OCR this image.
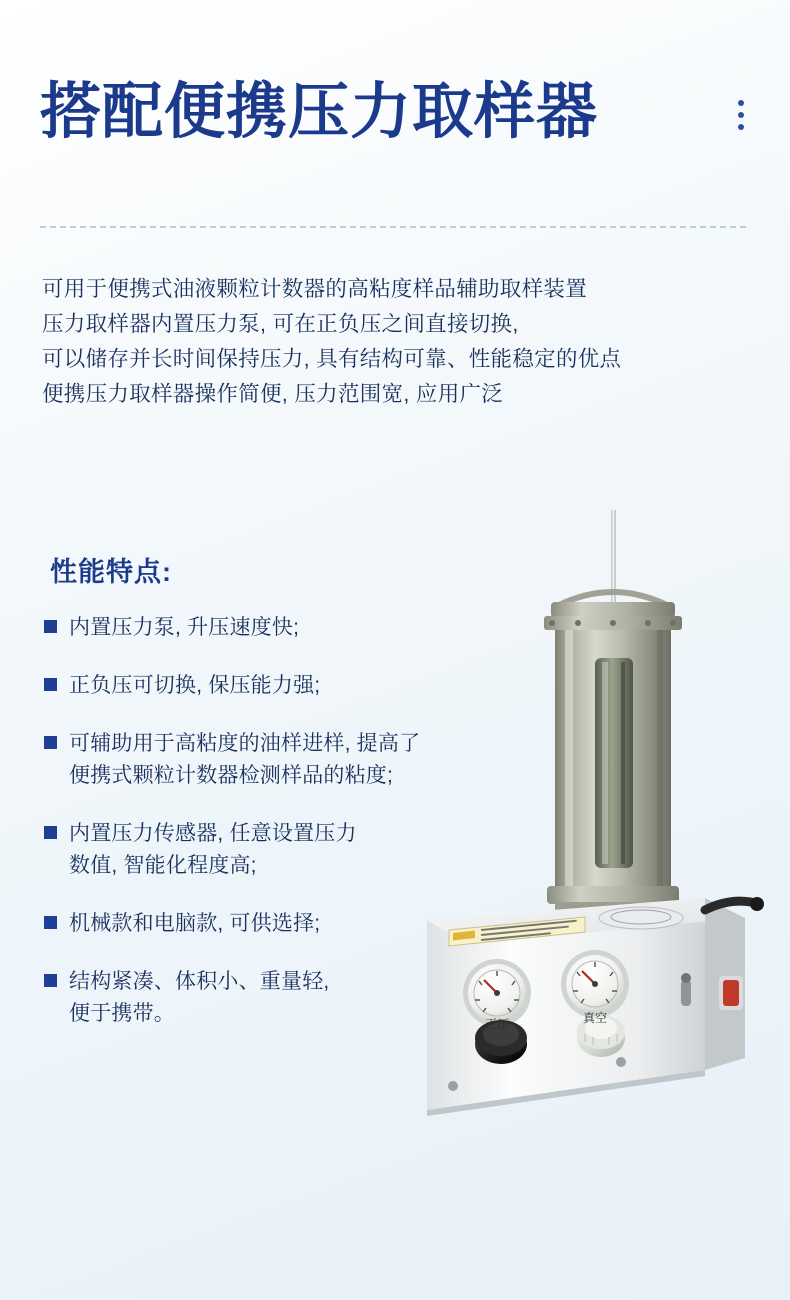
搭配便携压力取样器

可用于便携式油液颗粒计数器的高粘度样品辅助取样装置

压力取样器内置压力泵, 可在正负压之间直接切换,

可以储存并长时间保持压力, 具有结构可靠、性能稳定的优点

便携压力取样器操作简便, 压力范围宽, 应用广泛

性能特点:
内置压力泵, 升压速度快;
正负压可切换, 保压能力强;
可辅助用于高粘度的油样进样, 提高了
便携式颗粒计数器检测样品的粘度;
内置压力传感器, 任意设置压力
数值, 智能化程度高;
机械款和电脑款, 可供选择;
结构紧凑、体积小、重量轻,
便于携带。	正压	真空
